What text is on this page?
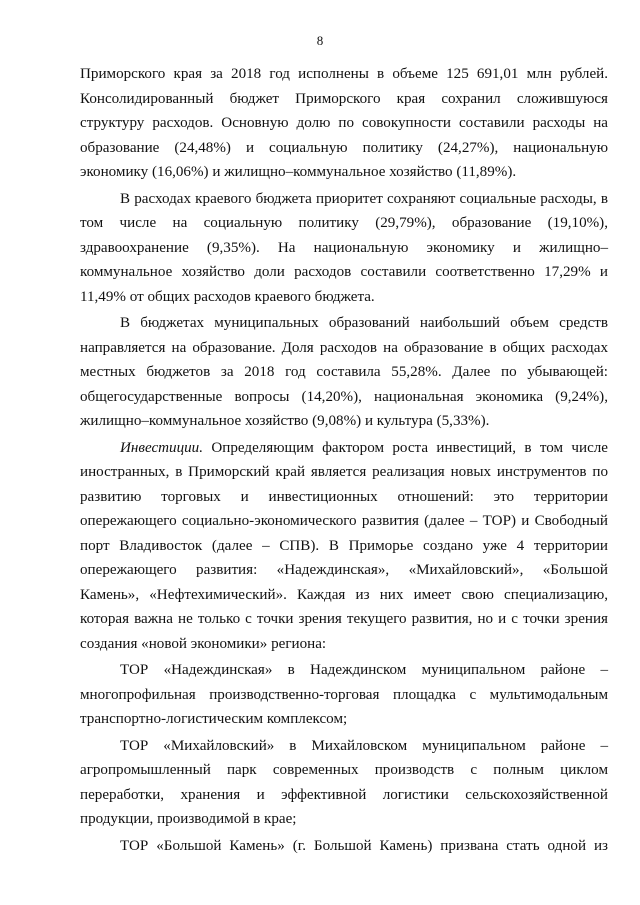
8

Приморского края за 2018 год исполнены в объеме 125 691,01 млн рублей. Консолидированный бюджет Приморского края сохранил сложившуюся структуру расходов. Основную долю по совокупности составили расходы на образование (24,48%) и социальную политику (24,27%), национальную экономику (16,06%) и жилищно–коммунальное хозяйство (11,89%).

В расходах краевого бюджета приоритет сохраняют социальные расходы, в том числе на социальную политику (29,79%), образование (19,10%), здравоохранение (9,35%). На национальную экономику и жилищно–коммунальное хозяйство доли расходов составили соответственно 17,29% и 11,49% от общих расходов краевого бюджета.

В бюджетах муниципальных образований наибольший объем средств направляется на образование. Доля расходов на образование в общих расходах местных бюджетов за 2018 год составила 55,28%. Далее по убывающей: общегосударственные вопросы (14,20%), национальная экономика (9,24%), жилищно–коммунальное хозяйство (9,08%) и культура (5,33%).

Инвестиции. Определяющим фактором роста инвестиций, в том числе иностранных, в Приморский край является реализация новых инструментов по развитию торговых и инвестиционных отношений: это территории опережающего социально-экономического развития (далее – ТОР) и Свободный порт Владивосток (далее – СПВ). В Приморье создано уже 4 территории опережающего развития: «Надеждинская», «Михайловский», «Большой Камень», «Нефтехимический». Каждая из них имеет свою специализацию, которая важна не только с точки зрения текущего развития, но и с точки зрения создания «новой экономики» региона:

ТОР «Надеждинская» в Надеждинском муниципальном районе – многопрофильная производственно-торговая площадка с мультимодальным транспортно-логистическим комплексом;

ТОР «Михайловский» в Михайловском муниципальном районе – агропромышленный парк современных производств с полным циклом переработки, хранения и эффективной логистики сельскохозяйственной продукции, производимой в крае;

ТОР «Большой Камень» (г. Большой Камень) призвана стать одной из
